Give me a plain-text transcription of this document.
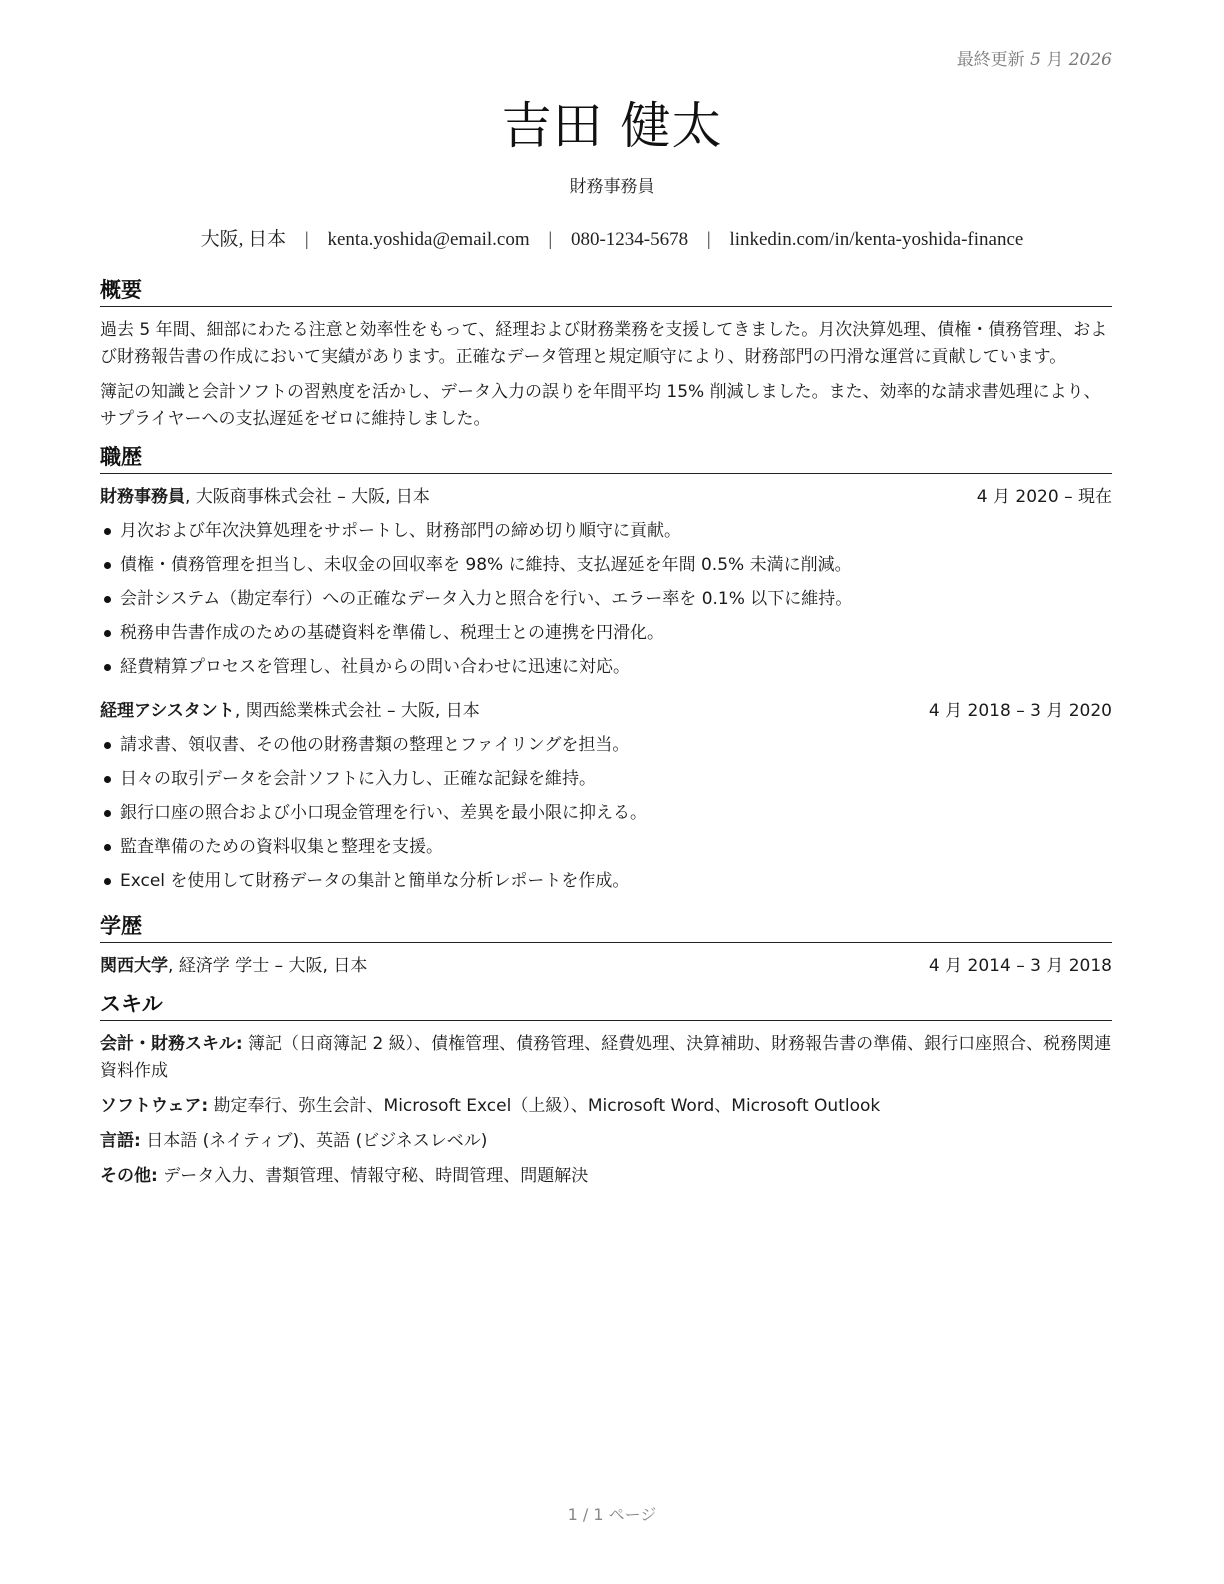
最終更新 5 月 2026
吉田 健太
財務事務員
大阪, 日本 | kenta.yoshida@email.com | 080-1234-5678 | linkedin.com/in/kenta-yoshida-finance
概要

過去 5 年間、細部にわたる注意と効率性をもって、経理および財務業務を支援してきました。月次決算処理、債権・債務管理、および財務報告書の作成において実績があります。正確なデータ管理と規定順守により、財務部門の円滑な運営に貢献しています。

簿記の知識と会計ソフトの習熟度を活かし、データ入力の誤りを年間平均 15% 削減しました。また、効率的な請求書処理により、サプライヤーへの支払遅延をゼロに維持しました。

職歴
財務事務員, 大阪商事株式会社 – 大阪, 日本	4 月 2020 – 現在
月次および年次決算処理をサポートし、財務部門の締め切り順守に貢献。
債権・債務管理を担当し、未収金の回収率を 98% に維持、支払遅延を年間 0.5% 未満に削減。
会計システム（勘定奉行）への正確なデータ入力と照合を行い、エラー率を 0.1% 以下に維持。
税務申告書作成のための基礎資料を準備し、税理士との連携を円滑化。
経費精算プロセスを管理し、社員からの問い合わせに迅速に対応。
経理アシスタント, 関西総業株式会社 – 大阪, 日本	4 月 2018 – 3 月 2020
請求書、領収書、その他の財務書類の整理とファイリングを担当。
日々の取引データを会計ソフトに入力し、正確な記録を維持。
銀行口座の照合および小口現金管理を行い、差異を最小限に抑える。
監査準備のための資料収集と整理を支援。
Excel を使用して財務データの集計と簡単な分析レポートを作成。
学歴
関西大学, 経済学 学士 – 大阪, 日本	4 月 2014 – 3 月 2018
スキル

会計・財務スキル: 簿記（日商簿記 2 級）、債権管理、債務管理、経費処理、決算補助、財務報告書の準備、銀行口座照合、税務関連資料作成

ソフトウェア: 勘定奉行、弥生会計、Microsoft Excel（上級）、Microsoft Word、Microsoft Outlook

言語: 日本語 (ネイティブ)、英語 (ビジネスレベル)

その他: データ入力、書類管理、情報守秘、時間管理、問題解決

1 / 1 ページ
